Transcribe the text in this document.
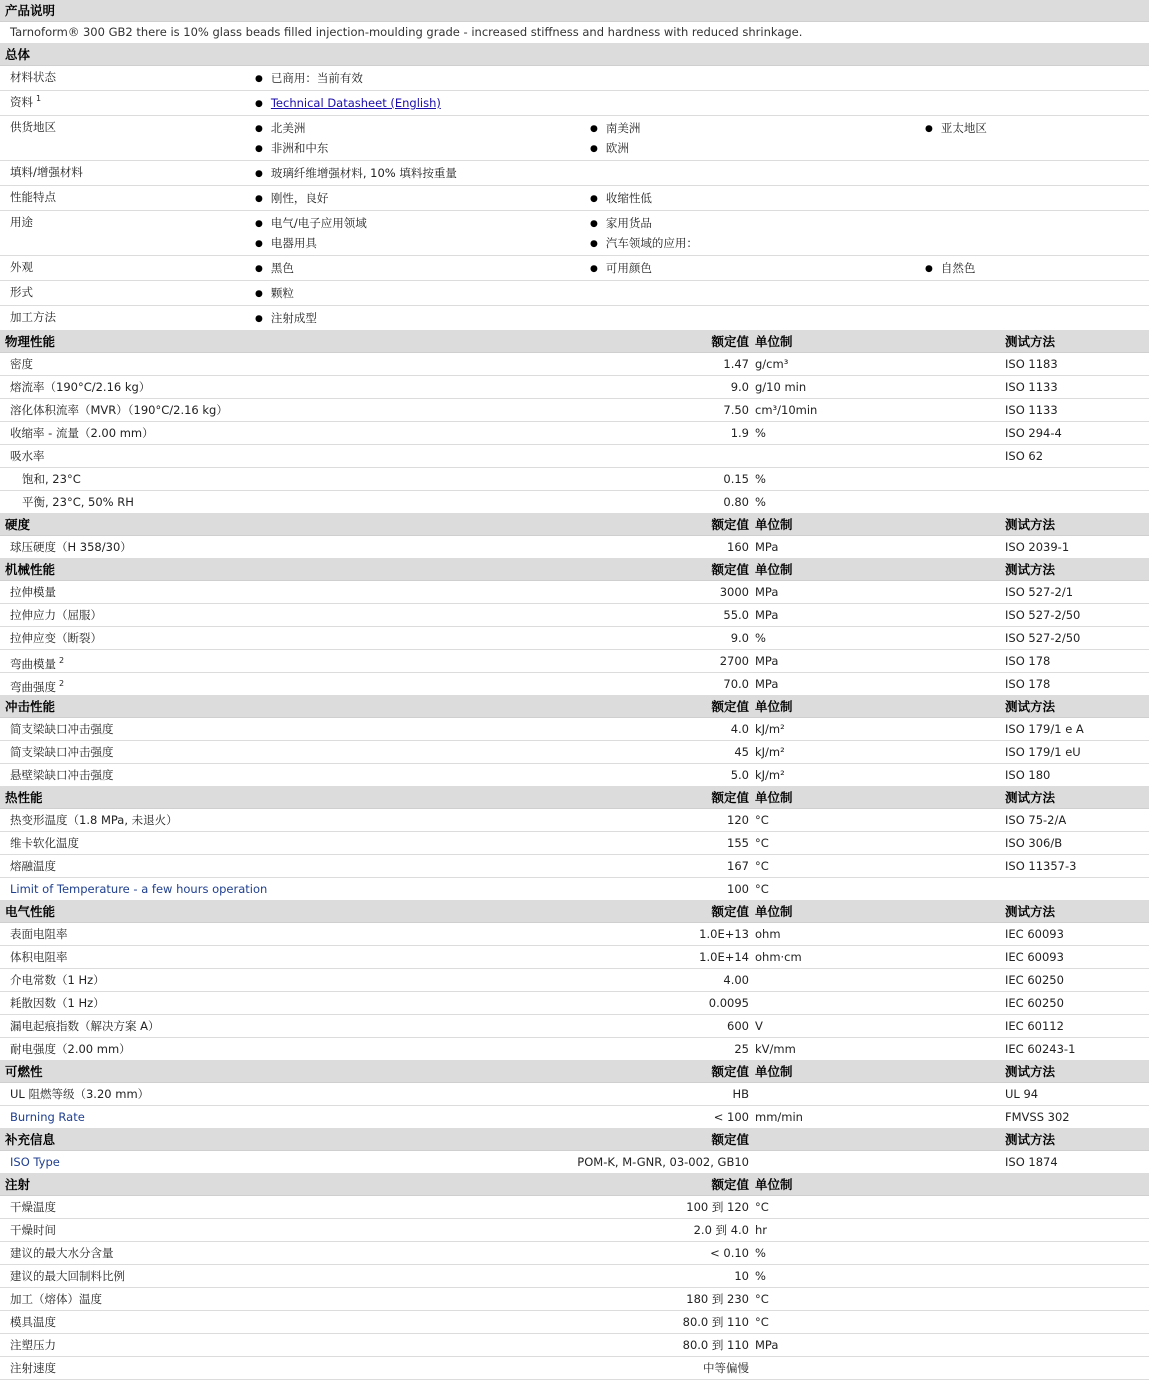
产品说明
Tarnoform® 300 GB2 there is 10% glass beads filled injection-moulding grade - increased stiffness and hardness with reduced shrinkage.
总体
材料状态	● 已商用：当前有效
资料 $^1$	● Technical Datasheet (English)
供货地区	● 北美洲	● 南美洲	● 亚太地区
● 非洲和中东	● 欧洲
填料/增强材料	● 玻璃纤维增强材料, 10% 填料按重量
性能特点	● 刚性，良好	● 收缩性低
用途	● 电气/电子应用领域	● 家用货品
● 电器用具	● 汽车领域的应用：
外观	● 黑色	● 可用颜色	● 自然色
形式	● 颗粒
加工方法	● 注射成型
物理性能	额定值 单位制	测试方法
密度	1.47 g/cm³	ISO 1183
熔流率（190°C/2.16 kg）	9.0 g/10 min	ISO 1133
溶化体积流率（MVR）（190°C/2.16 kg）	7.50 cm³/10min	ISO 1133
收缩率 - 流量（2.00 mm）	1.9 %	ISO 294-4
吸水率	ISO 62
饱和, 23°C	0.15 %
平衡, 23°C, 50% RH	0.80 %
硬度	额定值 单位制	测试方法
球压硬度（H 358/30）	160 MPa	ISO 2039-1
机械性能	额定值 单位制	测试方法
拉伸模量	3000 MPa	ISO 527-2/1
拉伸应力（屈服）	55.0 MPa	ISO 527-2/50
拉伸应变（断裂）	9.0 %	ISO 527-2/50
弯曲模量 $^2$	2700 MPa	ISO 178
弯曲强度 $^2$	70.0 MPa	ISO 178
冲击性能	额定值 单位制	测试方法
简支梁缺口冲击强度	4.0 kJ/m²	ISO 179/1 e A
简支梁缺口冲击强度	45 kJ/m²	ISO 179/1 eU
悬壁梁缺口冲击强度	5.0 kJ/m²	ISO 180
热性能	额定值 单位制	测试方法
热变形温度（1.8 MPa, 未退火）	120 °C	ISO 75-2/A
维卡软化温度	155 °C	ISO 306/B
熔融温度	167 °C	ISO 11357-3
Limit of Temperature - a few hours operation	100 °C
电气性能	额定值 单位制	测试方法
表面电阻率	1.0E+13 ohm	IEC 60093
体积电阻率	1.0E+14 ohm·cm	IEC 60093
介电常数（1 Hz）	4.00	IEC 60250
耗散因数（1 Hz）	0.0095	IEC 60250
漏电起痕指数（解决方案 A）	600 V	IEC 60112
耐电强度（2.00 mm）	25 kV/mm	IEC 60243-1
可燃性	额定值 单位制	测试方法
UL 阻燃等级（3.20 mm）	HB	UL 94
Burning Rate	< 100 mm/min	FMVSS 302
补充信息	额定值	测试方法
ISO Type	POM-K, M-GNR, 03-002, GB10	ISO 1874
注射	额定值 单位制
干燥温度	100 到 120 °C
干燥时间	2.0 到 4.0 hr
建议的最大水分含量	< 0.10 %
建议的最大回制料比例	10 %
加工（熔体）温度	180 到 230 °C
模具温度	80.0 到 110 °C
注塑压力	80.0 到 110 MPa
注射速度	中等偏慢
